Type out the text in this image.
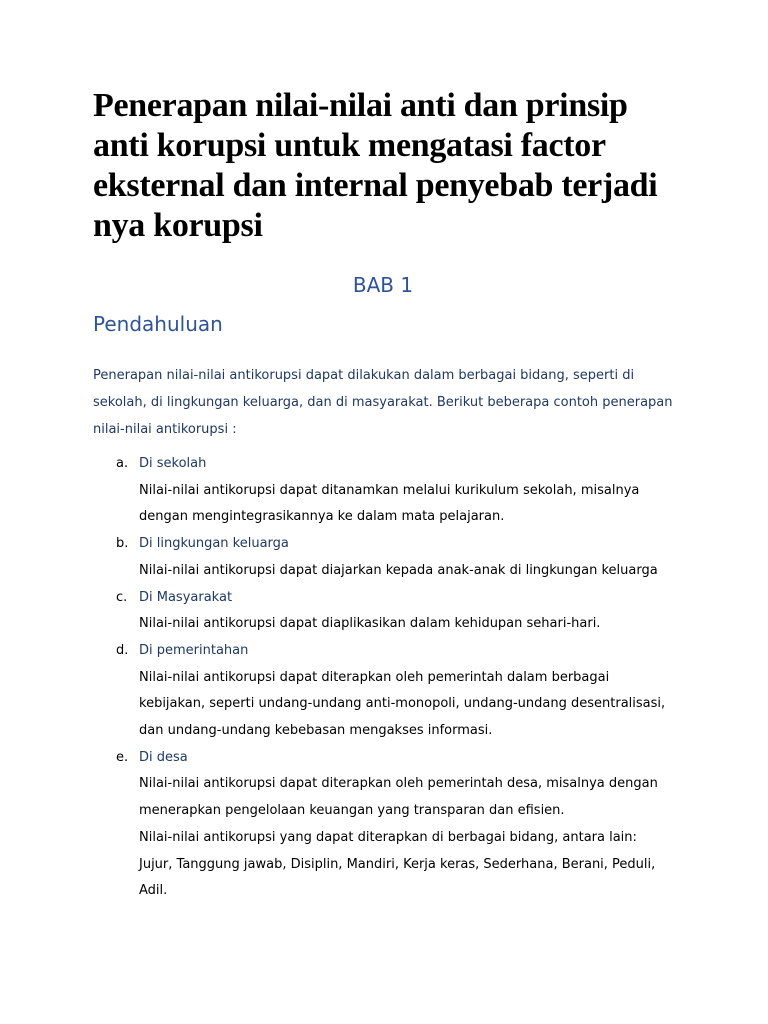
Penerapan nilai-nilai anti dan prinsip anti korupsi untuk mengatasi factor eksternal dan internal penyebab terjadi nya korupsi
BAB 1
Pendahuluan

Penerapan nilai-nilai antikorupsi dapat dilakukan dalam berbagai bidang, seperti di sekolah, di lingkungan keluarga, dan di masyarakat. Berikut beberapa contoh penerapan nilai-nilai antikorupsi :

a. Di sekolah
Nilai-nilai antikorupsi dapat ditanamkan melalui kurikulum sekolah, misalnya dengan mengintegrasikannya ke dalam mata pelajaran.
b. Di lingkungan keluarga
Nilai-nilai antikorupsi dapat diajarkan kepada anak-anak di lingkungan keluarga
c. Di Masyarakat
Nilai-nilai antikorupsi dapat diaplikasikan dalam kehidupan sehari-hari.
d. Di pemerintahan
Nilai-nilai antikorupsi dapat diterapkan oleh pemerintah dalam berbagai kebijakan, seperti undang-undang anti-monopoli, undang-undang desentralisasi, dan undang-undang kebebasan mengakses informasi.
e. Di desa
Nilai-nilai antikorupsi dapat diterapkan oleh pemerintah desa, misalnya dengan menerapkan pengelolaan keuangan yang transparan dan efisien.
Nilai-nilai antikorupsi yang dapat diterapkan di berbagai bidang, antara lain:
Jujur, Tanggung jawab, Disiplin, Mandiri, Kerja keras, Sederhana, Berani, Peduli, Adil.
